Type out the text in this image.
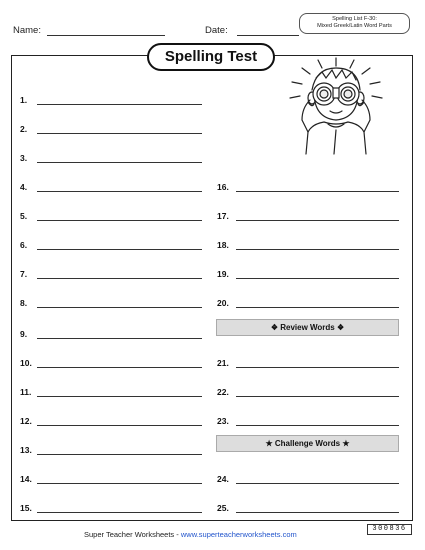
Name:	Date:
Spelling List F-30:
Mixed Greek/Latin Word Parts
Spelling Test
1.
2.
3.
4.
5.
6.
7.
8.
9.
10.
11.
12.
13.
14.
15.
16.
17.
18.
19.
20.
21.
22.
23.
24.
25.
❖ Review Words ❖
★ Challenge Words ★
Super Teacher Worksheets - www.superteacherworksheets.com
300836
